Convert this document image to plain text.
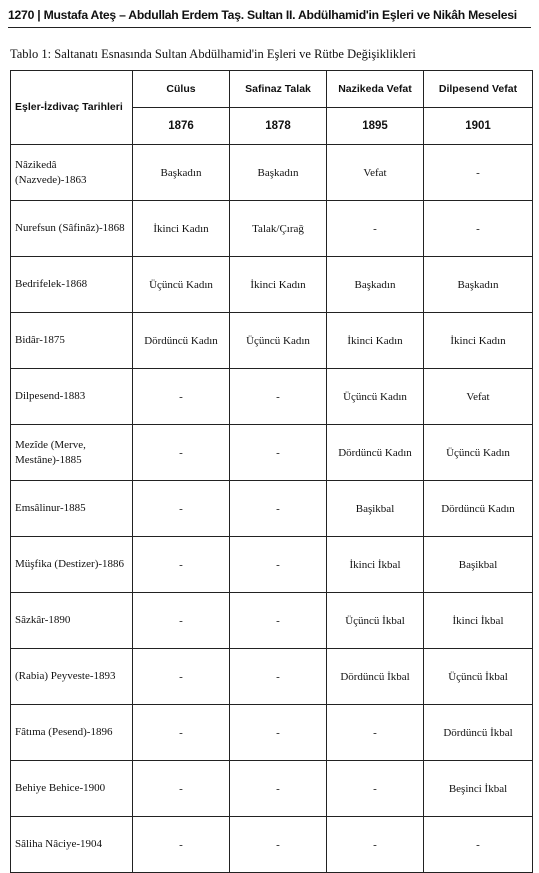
1270 | Mustafa Ateş – Abdullah Erdem Taş. Sultan II. Abdülhamid'in Eşleri ve Nikâh Meselesi
Tablo 1: Saltanatı Esnasında Sultan Abdülhamid'in Eşleri ve Rütbe Değişiklikleri
Eşler-İzdivaç Tarihleri	Cülus	Safinaz Talak	Nazikeda Vefat	Dilpesend Vefat
	1876	1878	1895	1901
Nâzikedâ (Nazvede)-1863	Başkadın	Başkadın	Vefat	-
Nurefsun (Sâfinâz)-1868	İkinci Kadın	Talak/Çırağ	-	-
Bedrifelek-1868	Üçüncü Kadın	İkinci Kadın	Başkadın	Başkadın
Bidâr-1875	Dördüncü Kadın	Üçüncü Kadın	İkinci Kadın	İkinci Kadın
Dilpesend-1883	-	-	Üçüncü Kadın	Vefat
Mezîde (Merve, Mestâne)-1885	-	-	Dördüncü Kadın	Üçüncü Kadın
Emsâlinur-1885	-	-	Başikbal	Dördüncü Kadın
Müşfika (Destizer)-1886	-	-	İkinci İkbal	Başikbal
Sâzkâr-1890	-	-	Üçüncü İkbal	İkinci İkbal
(Rabia) Peyveste-1893	-	-	Dördüncü İkbal	Üçüncü İkbal
Fâtıma (Pesend)-1896	-	-	-	Dördüncü İkbal
Behiye Behice-1900	-	-	-	Beşinci İkbal
Sâliha Nâciye-1904	-	-	-	-
